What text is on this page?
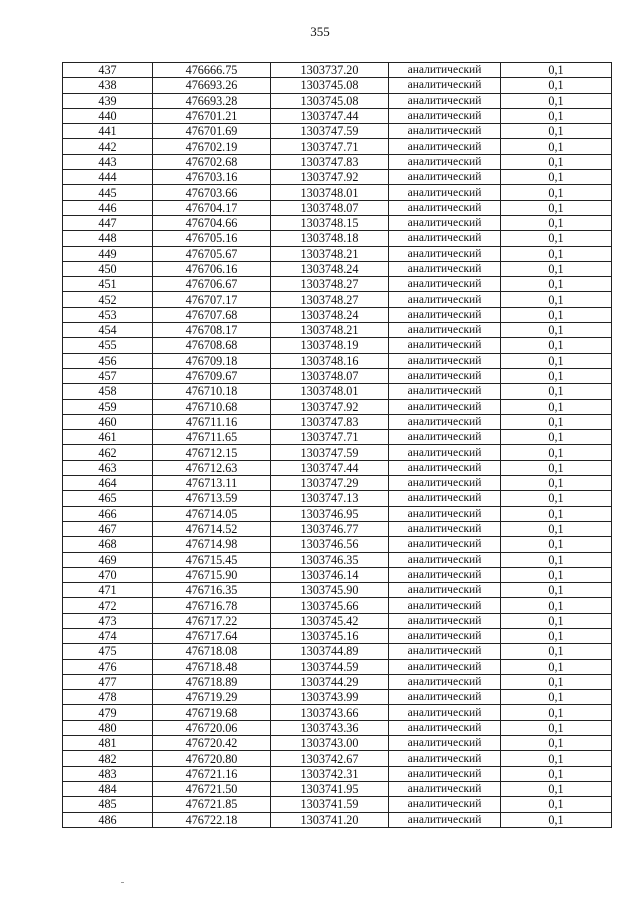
355
437	476666.75	1303737.20	аналитический	0,1
438	476693.26	1303745.08	аналитический	0,1
439	476693.28	1303745.08	аналитический	0,1
440	476701.21	1303747.44	аналитический	0,1
441	476701.69	1303747.59	аналитический	0,1
442	476702.19	1303747.71	аналитический	0,1
443	476702.68	1303747.83	аналитический	0,1
444	476703.16	1303747.92	аналитический	0,1
445	476703.66	1303748.01	аналитический	0,1
446	476704.17	1303748.07	аналитический	0,1
447	476704.66	1303748.15	аналитический	0,1
448	476705.16	1303748.18	аналитический	0,1
449	476705.67	1303748.21	аналитический	0,1
450	476706.16	1303748.24	аналитический	0,1
451	476706.67	1303748.27	аналитический	0,1
452	476707.17	1303748.27	аналитический	0,1
453	476707.68	1303748.24	аналитический	0,1
454	476708.17	1303748.21	аналитический	0,1
455	476708.68	1303748.19	аналитический	0,1
456	476709.18	1303748.16	аналитический	0,1
457	476709.67	1303748.07	аналитический	0,1
458	476710.18	1303748.01	аналитический	0,1
459	476710.68	1303747.92	аналитический	0,1
460	476711.16	1303747.83	аналитический	0,1
461	476711.65	1303747.71	аналитический	0,1
462	476712.15	1303747.59	аналитический	0,1
463	476712.63	1303747.44	аналитический	0,1
464	476713.11	1303747.29	аналитический	0,1
465	476713.59	1303747.13	аналитический	0,1
466	476714.05	1303746.95	аналитический	0,1
467	476714.52	1303746.77	аналитический	0,1
468	476714.98	1303746.56	аналитический	0,1
469	476715.45	1303746.35	аналитический	0,1
470	476715.90	1303746.14	аналитический	0,1
471	476716.35	1303745.90	аналитический	0,1
472	476716.78	1303745.66	аналитический	0,1
473	476717.22	1303745.42	аналитический	0,1
474	476717.64	1303745.16	аналитический	0,1
475	476718.08	1303744.89	аналитический	0,1
476	476718.48	1303744.59	аналитический	0,1
477	476718.89	1303744.29	аналитический	0,1
478	476719.29	1303743.99	аналитический	0,1
479	476719.68	1303743.66	аналитический	0,1
480	476720.06	1303743.36	аналитический	0,1
481	476720.42	1303743.00	аналитический	0,1
482	476720.80	1303742.67	аналитический	0,1
483	476721.16	1303742.31	аналитический	0,1
484	476721.50	1303741.95	аналитический	0,1
485	476721.85	1303741.59	аналитический	0,1
486	476722.18	1303741.20	аналитический	0,1
